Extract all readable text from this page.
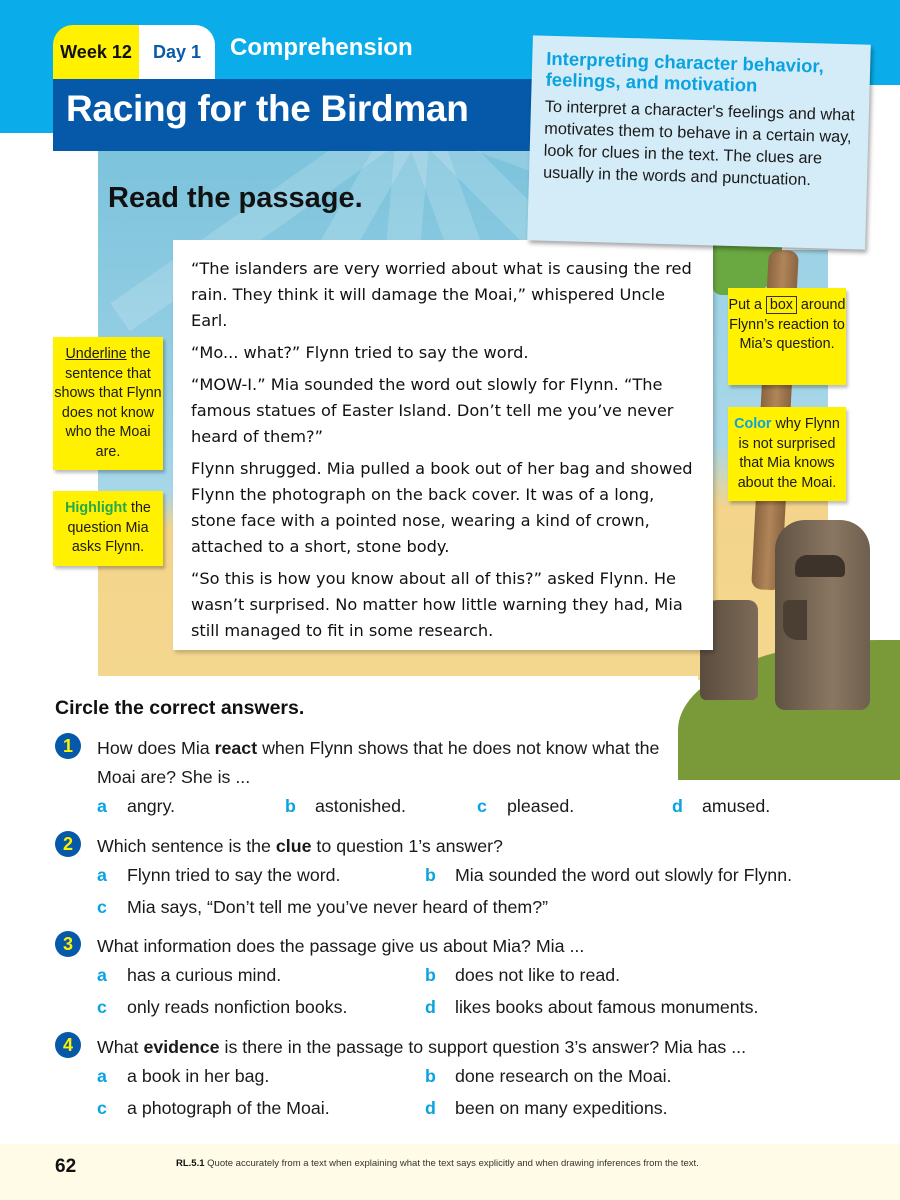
Week 12	Day 1	Comprehension
Racing for the Birdman
Read the passage.

“The islanders are very worried about what is causing the red rain. They think it will damage the Moai,” whispered Uncle Earl.

“Mo... what?” Flynn tried to say the word.

“MOW-I.” Mia sounded the word out slowly for Flynn. “The famous statues of Easter Island. Don’t tell me you’ve never heard of them?”

Flynn shrugged. Mia pulled a book out of her bag and showed Flynn the photograph on the back cover. It was of a long, stone face with a pointed nose, wearing a kind of crown, attached to a short, stone body.

“So this is how you know about all of this?” asked Flynn. He wasn’t surprised. No matter how little warning they had, Mia still managed to fit in some research.

Interpreting character behavior, feelings, and motivation
To interpret a character's feelings and what motivates them to behave in a certain way, look for clues in the text. The clues are usually in the words and punctuation.
Underline the sentence that shows that Flynn does not know who the Moai are.
Highlight the question Mia asks Flynn.
Put a box around Flynn’s reaction to Mia’s question.
Color why Flynn is not surprised that Mia knows about the Moai.
Circle the correct answers.
1	How does Mia react when Flynn shows that he does not know what the Moai are? She is ...
a angry.	b astonished.	c pleased.	d amused.
2	Which sentence is the clue to question 1’s answer?
a Flynn tried to say the word.	b Mia sounded the word out slowly for Flynn.
c Mia says, “Don’t tell me you’ve never heard of them?”
3	What information does the passage give us about Mia? Mia ...
a has a curious mind.	b does not like to read.
c only reads nonfiction books.	d likes books about famous monuments.
4	What evidence is there in the passage to support question 3’s answer? Mia has ...
a a book in her bag.	b done research on the Moai.
c a photograph of the Moai.	d been on many expeditions.
62	RL.5.1 Quote accurately from a text when explaining what the text says explicitly and when drawing inferences from the text.
